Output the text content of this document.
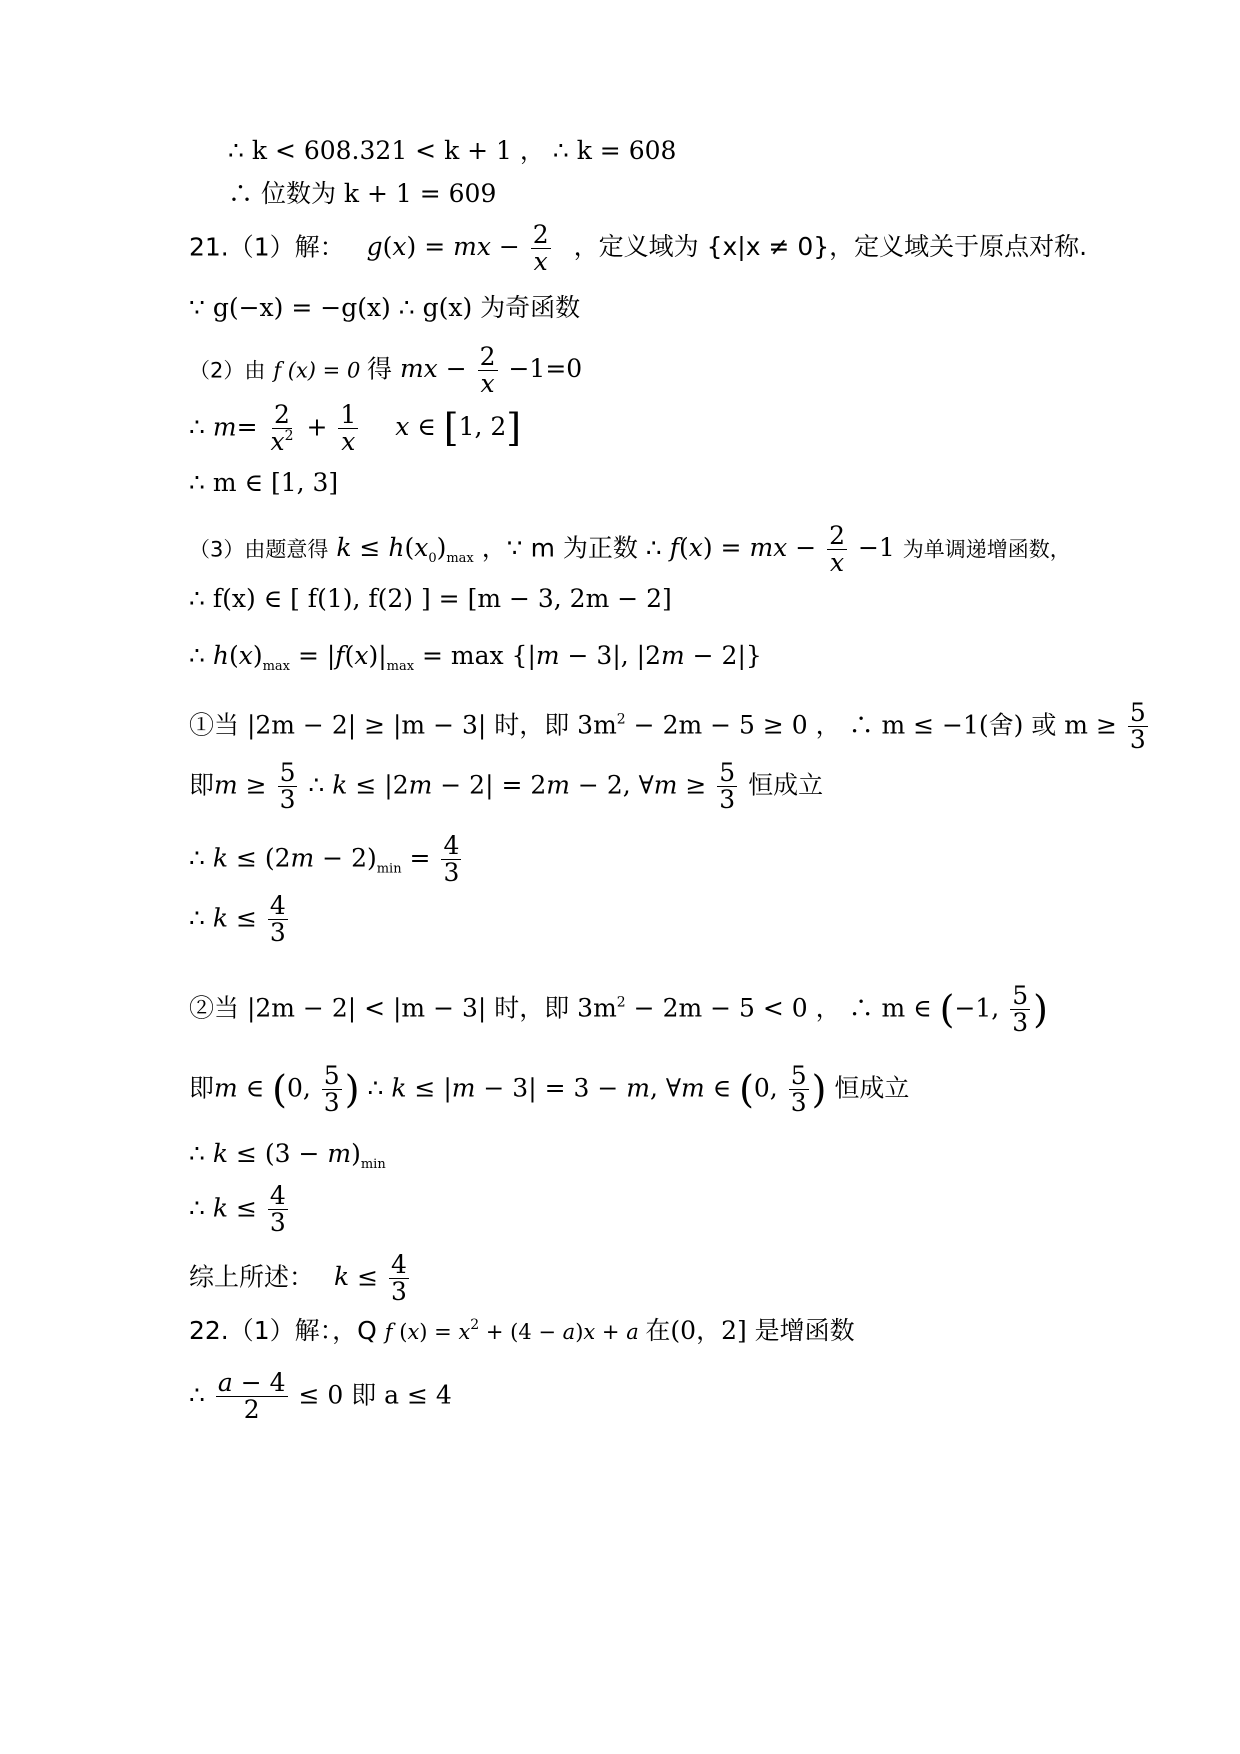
∴ k < 608.321 < k + 1 ， ∴ k = 608
∴ 位数为 k + 1 = 609
21.（1）解： g(x) = mx − $\frac{2}{x}$ ，定义域为 {x|x ≠ 0}，定义域关于原点对称.
∵ g(−x) = −g(x) ∴ g(x) 为奇函数
（2）由 f (x) = 0 得 mx − $\frac{2}{x} -1=0$
∴ $m= \frac{2}{x^2} + \frac{1}{x}$ x ∈ [1, 2]
∴ m ∈ [1, 3]
（3）由题意得 $k \le h(x_0)_{max}$ ，∵ m 为正数 ∴ f(x) = mx − $\frac{2}{x} -1$ 为单调递增函数，
∴ f(x) ∈ [ f(1), f(2) ] = [m − 3, 2m − 2]
∴ $h(x)_{max} = |f(x)|_{max} = \max \{|m - 3|$, |2m − 2|}
①当 |2m − 2| ≥ |m − 3| 时，即 $3m^2 - 2m - 5 \ge 0$ ， ∴ m ≤ −1(舍) 或 $m \ge \frac{5}{3}$
即$m \ge \frac{5}{3}$ ∴ k ≤ |2m − 2| = 2m − 2, ∀m ≥ $\frac{5}{3}$ 恒成立
∴ $k \le (2m - 2)_{min} = \frac{4}{3}$
∴ $k \le \frac{4}{3}$
②当 |2m − 2| < |m − 3| 时，即 $3m^2 - 2m - 5 < 0$ ， ∴ m ∈ (−1, $\frac{5}{3}$ )
即m ∈ (0, $\frac{5}{3}$ ) ∴ k ≤ |m − 3| = 3 − m, ∀m ∈ (0, $\frac{5}{3}$ ) 恒成立
∴ $k \le (3 - m)_{min}$
∴ $k \le \frac{4}{3}$
综上所述： $k \le \frac{4}{3}$
22.（1）解：，Q f $(x) = x^2 + (4 - a)x + a$ 在(0，2] 是增函数
∴ $\frac{a - 4}{2} \le 0$ 即 a ≤ 4
